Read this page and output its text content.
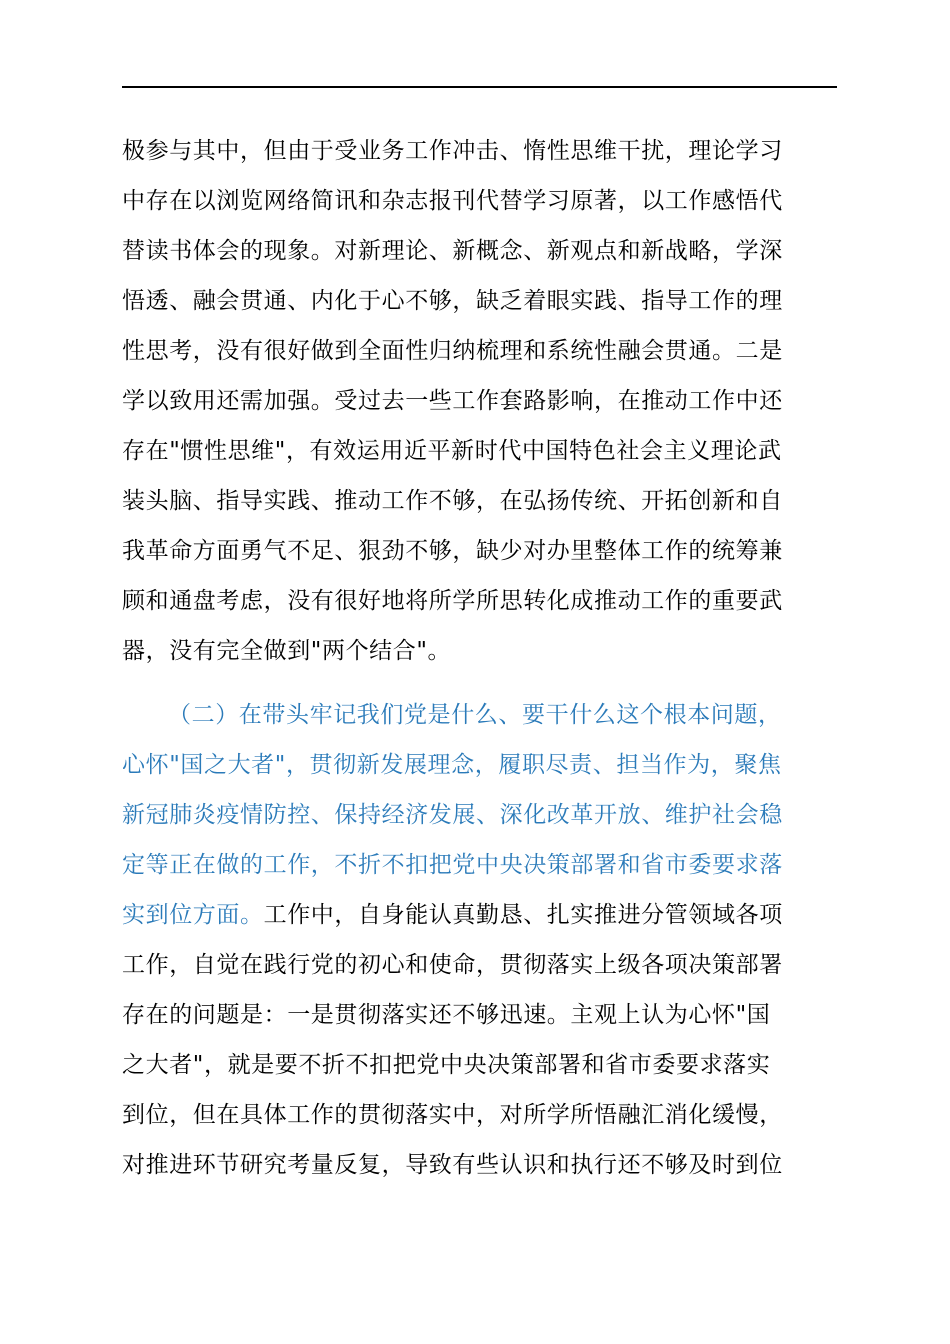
极参与其中，但由于受业务工作冲击、惰性思维干扰，理论学习
中存在以浏览网络简讯和杂志报刊代替学习原著，以工作感悟代
替读书体会的现象。对新理论、新概念、新观点和新战略，学深
悟透、融会贯通、内化于心不够，缺乏着眼实践、指导工作的理
性思考，没有很好做到全面性归纳梳理和系统性融会贯通。二是
学以致用还需加强。受过去一些工作套路影响，在推动工作中还
存在"惯性思维"，有效运用近平新时代中国特色社会主义理论武
装头脑、指导实践、推动工作不够，在弘扬传统、开拓创新和自
我革命方面勇气不足、狠劲不够，缺少对办里整体工作的统筹兼
顾和通盘考虑，没有很好地将所学所思转化成推动工作的重要武
器，没有完全做到"两个结合"。
（二）在带头牢记我们党是什么、要干什么这个根本问题，
心怀"国之大者"，贯彻新发展理念，履职尽责、担当作为，聚焦
新冠肺炎疫情防控、保持经济发展、深化改革开放、维护社会稳
定等正在做的工作，不折不扣把党中央决策部署和省市委要求落
实到位方面。工作中，自身能认真勤恳、扎实推进分管领域各项
工作，自觉在践行党的初心和使命，贯彻落实上级各项决策部署
存在的问题是：一是贯彻落实还不够迅速。主观上认为心怀"国
之大者"，就是要不折不扣把党中央决策部署和省市委要求落实
到位，但在具体工作的贯彻落实中，对所学所悟融汇消化缓慢，
对推进环节研究考量反复，导致有些认识和执行还不够及时到位
